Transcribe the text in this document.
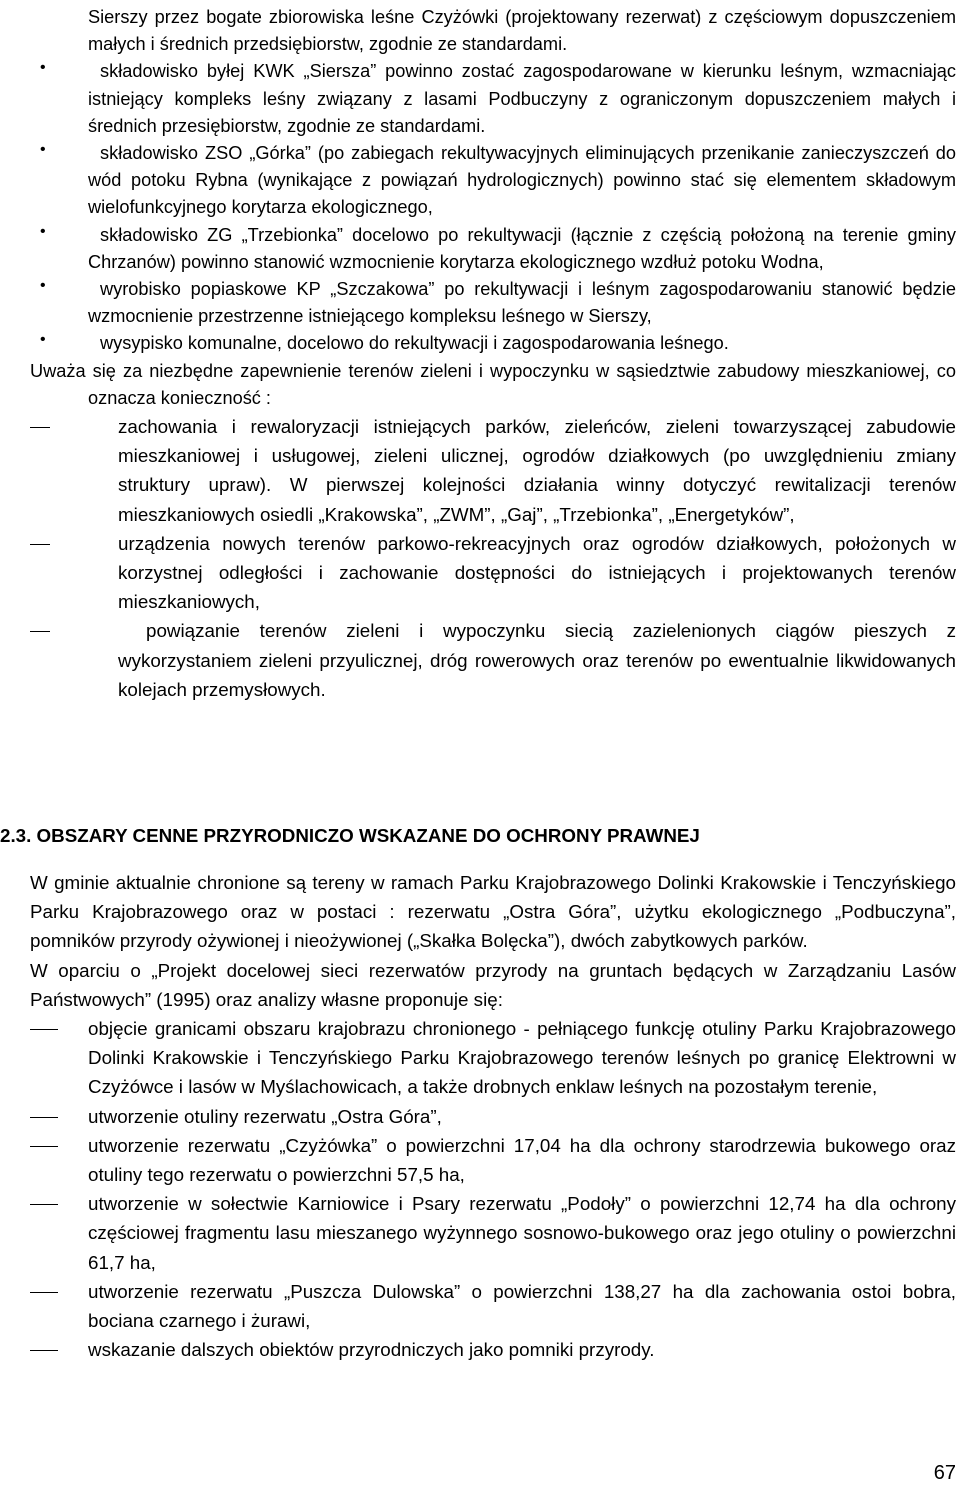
Sierszy przez bogate zbiorowiska leśne Czyżówki (projektowany rezerwat) z częściowym dopuszczeniem małych i średnich przedsiębiorstw, zgodnie ze standardami.

•	składowisko byłej KWK „Siersza” powinno zostać zagospodarowane w kierunku leśnym, wzmacniając istniejący kompleks leśny związany z lasami Podbuczyny z ograniczonym dopuszczeniem małych i średnich przesiębiorstw, zgodnie ze standardami.

•	składowisko ZSO „Górka” (po zabiegach rekultywacyjnych eliminujących przenikanie zanieczyszczeń do wód potoku Rybna (wynikające z powiązań hydrologicznych) powinno stać się elementem składowym wielofunkcyjnego korytarza ekologicznego,

•	składowisko ZG „Trzebionka” docelowo po rekultywacji (łącznie z częścią położoną na terenie gminy Chrzanów) powinno stanowić wzmocnienie korytarza ekologicznego wzdłuż potoku Wodna,

•	wyrobisko popiaskowe KP „Szczakowa” po rekultywacji i leśnym zagospodarowaniu stanowić będzie wzmocnienie przestrzenne istniejącego kompleksu leśnego w Sierszy,

•	wysypisko komunalne, docelowo do rekultywacji i zagospodarowania leśnego.

Uważa się za niezbędne zapewnienie terenów zieleni i wypoczynku w sąsiedztwie zabudowy mieszkaniowej, co oznacza konieczność :

zachowania i rewaloryzacji istniejących parków, zieleńców, zieleni towarzyszącej zabudowie mieszkaniowej i usługowej, zieleni ulicznej, ogrodów działkowych (po uwzględnieniu zmiany struktury upraw). W pierwszej kolejności działania winny dotyczyć rewitalizacji terenów mieszkaniowych osiedli „Krakowska”, „ZWM”, „Gaj”, „Trzebionka”, „Energetyków”,

urządzenia nowych terenów parkowo-rekreacyjnych oraz ogrodów działkowych, położonych w korzystnej odległości i zachowanie dostępności do istniejących i projektowanych terenów mieszkaniowych,

powiązanie terenów zieleni i wypoczynku siecią zazielenionych ciągów pieszych z wykorzystaniem zieleni przyulicznej, dróg rowerowych oraz terenów po ewentualnie likwidowanych kolejach przemysłowych.

2.3. OBSZARY CENNE PRZYRODNICZO WSKAZANE DO OCHRONY PRAWNEJ

W gminie aktualnie chronione są tereny w ramach Parku Krajobrazowego Dolinki Krakowskie i Tenczyńskiego Parku Krajobrazowego oraz w postaci : rezerwatu „Ostra Góra”, użytku ekologicznego „Podbuczyna”, pomników przyrody ożywionej i nieożywionej („Skałka Bolęcka”), dwóch zabytkowych parków.

W oparciu o „Projekt docelowej sieci rezerwatów przyrody na gruntach będących w Zarządzaniu Lasów Państwowych” (1995) oraz analizy własne proponuje się:

objęcie granicami obszaru krajobrazu chronionego - pełniącego funkcję otuliny Parku Krajobrazowego Dolinki Krakowskie i Tenczyńskiego Parku Krajobrazowego terenów leśnych po granicę Elektrowni w Czyżówce i lasów w Myślachowicach, a także drobnych enklaw leśnych na pozostałym terenie,

utworzenie otuliny rezerwatu „Ostra Góra”,

utworzenie rezerwatu „Czyżówka” o powierzchni 17,04 ha dla ochrony starodrzewia bukowego oraz otuliny tego rezerwatu o powierzchni 57,5 ha,

utworzenie w sołectwie Karniowice i Psary rezerwatu „Podoły” o powierzchni 12,74 ha dla ochrony częściowej fragmentu lasu mieszanego wyżynnego sosnowo-bukowego oraz jego otuliny o powierzchni 61,7 ha,

utworzenie rezerwatu „Puszcza Dulowska” o powierzchni 138,27 ha dla zachowania ostoi bobra, bociana czarnego i żurawi,

wskazanie dalszych obiektów przyrodniczych jako pomniki przyrody.

67
